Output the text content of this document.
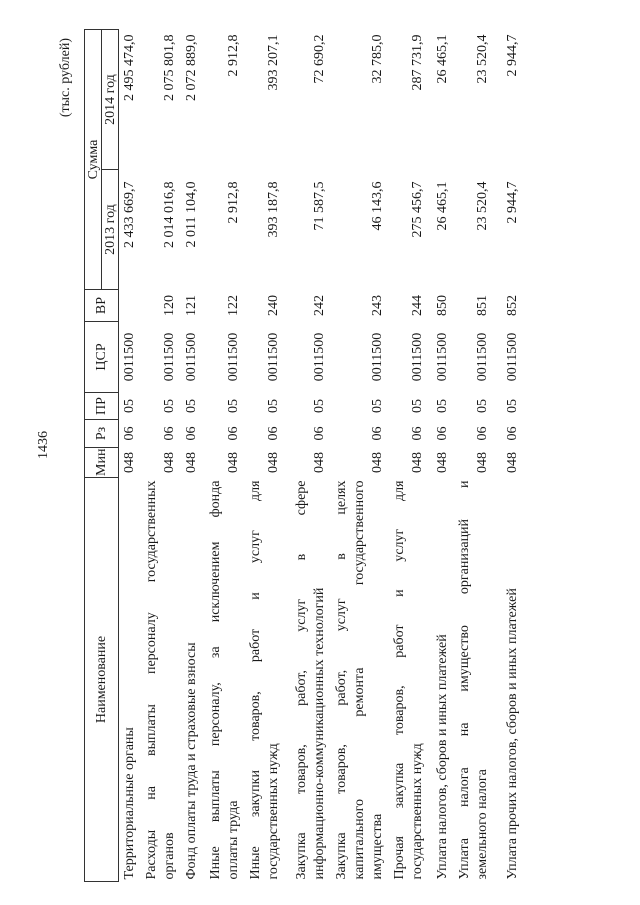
1436
(тыс. рублей)
Наименование	Мин	Рз	ПР	ЦСР	ВР	Сумма	
						2013 год	2014 год

Территориальные органы	048	06	05	0011500		2 433 669,7	2 495 474,0

Расходы на выплаты персоналу государственных органов	048	06	05	0011500	120	2 014 016,8	2 075 801,8

Фонд оплаты труда и страховые взносы	048	06	05	0011500	121	2 011 104,0	2 072 889,0

Иные выплаты персоналу, за исключением фонда оплаты труда	048	06	05	0011500	122	2 912,8	2 912,8

Иные закупки товаров, работ и услуг для государственных нужд	048	06	05	0011500	240	393 187,8	393 207,1

Закупка товаров, работ, услуг в сфере информационно-коммуникационных технологий	048	06	05	0011500	242	71 587,5	72 690,2

Закупка товаров, работ, услуг в целях капитального ремонта государственного имущества	048	06	05	0011500	243	46 143,6	32 785,0

Прочая закупка товаров, работ и услуг для государственных нужд	048	06	05	0011500	244	275 456,7	287 731,9

Уплата налогов, сборов и иных платежей	048	06	05	0011500	850	26 465,1	26 465,1

Уплата налога на имущество организаций и земельного налога	048	06	05	0011500	851	23 520,4	23 520,4

Уплата прочих налогов, сборов и иных платежей	048	06	05	0011500	852	2 944,7	2 944,7
